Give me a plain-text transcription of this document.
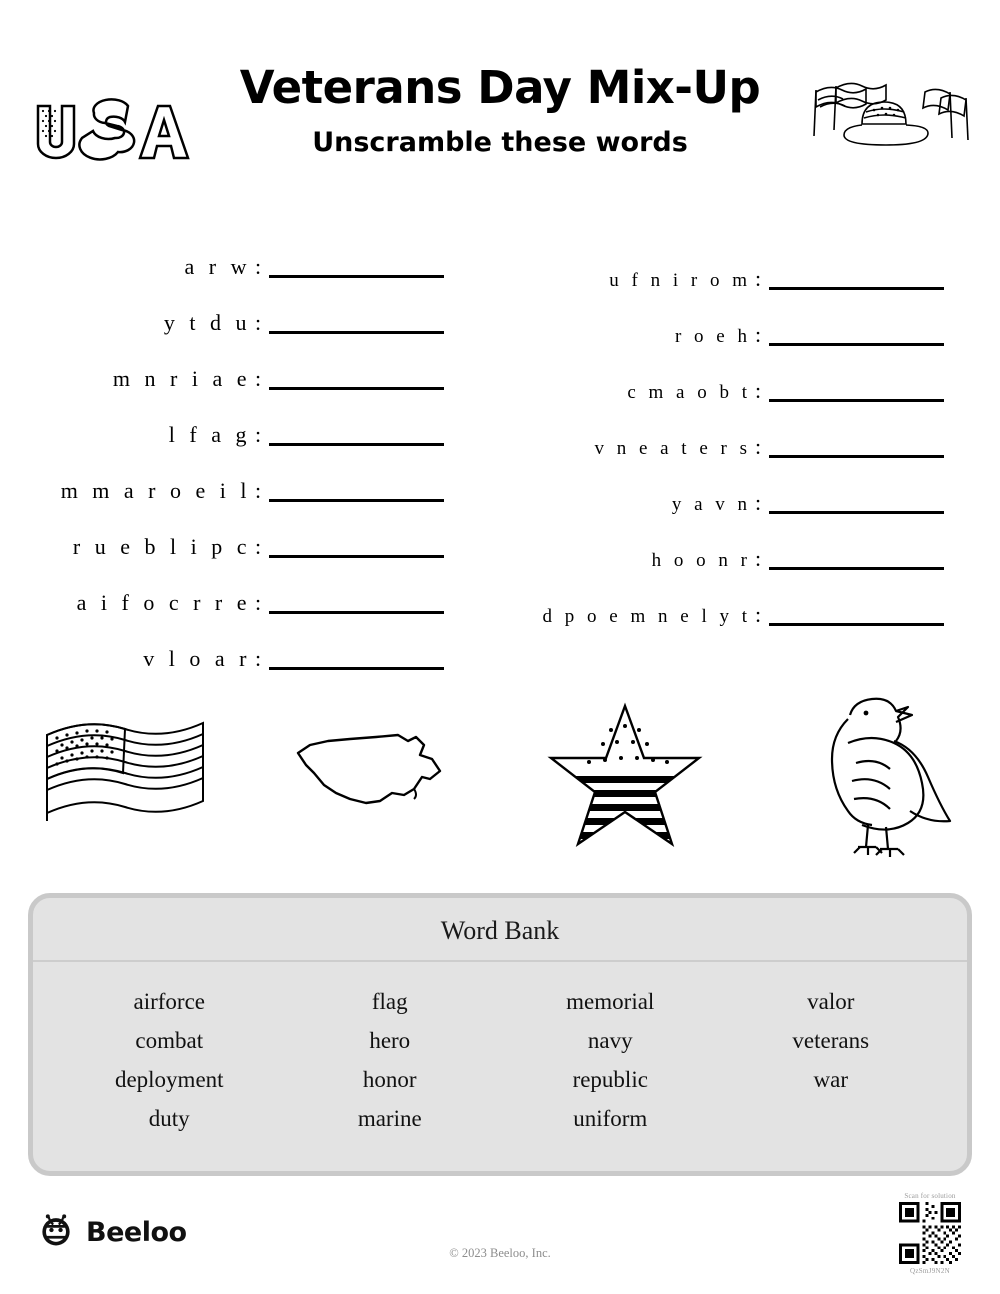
Veterans Day Mix-Up

Unscramble these words

a r w :
y t d u :
m n r i a e :
l f a g :
m m a r o e i l :
r u e b l i p c :
a i f o c r r e :
v l o a r :
u f n i r o m :
r o e h :
c m a o b t :
v n e a t e r s :
y a v n :
h o o n r :
d p o e m n e l y t :
Word Bank
airforce
combat
deployment
duty
flag
hero
honor
marine
memorial
navy
republic
uniform
valor
veterans
war
Beeloo
© 2023 Beeloo, Inc.
Scan for solution
QzSmJ9N2N
